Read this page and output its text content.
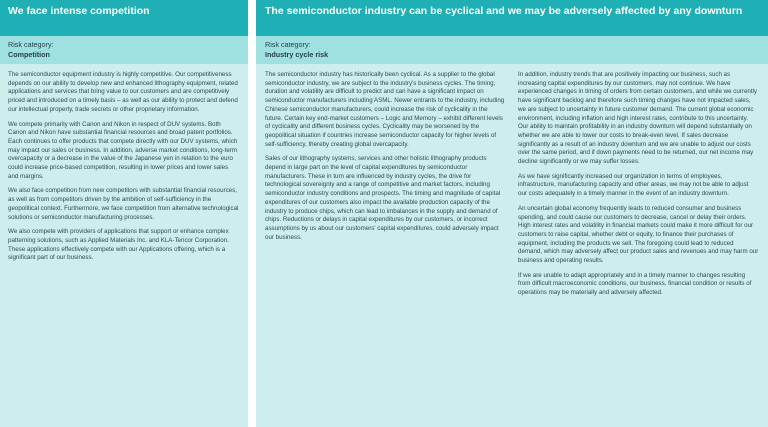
We face intense competition
Risk category:
Competition

The semiconductor equipment industry is highly competitive. Our competitiveness depends on our ability to develop new and enhanced lithography equipment, related applications and services that bring value to our customers and are competitively priced and introduced on a timely basis – as well as our ability to protect and defend our intellectual property, trade secrets or other proprietary information.

We compete primarily with Canon and Nikon in respect of DUV systems. Both Canon and Nikon have substantial financial resources and broad patent portfolios. Each continues to offer products that compete directly with our DUV systems, which may impact our sales or business. In addition, adverse market conditions, long-term overcapacity or a decrease in the value of the Japanese yen in relation to the euro could increase price-based competition, resulting in lower prices and lower sales and margins.

We also face competition from new competitors with substantial financial resources, as well as from competitors driven by the ambition of self-sufficiency in the geopolitical context. Furthermore, we face competition from alternative technological solutions or semiconductor manufacturing processes.

We also compete with providers of applications that support or enhance complex patterning solutions, such as Applied Materials Inc. and KLA-Tencor Corporation. These applications effectively compete with our Applications offering, which is a significant part of our business.

The semiconductor industry can be cyclical and we may be adversely affected by any downturn
Risk category:
Industry cycle risk

The semiconductor industry has historically been cyclical. As a supplier to the global semiconductor industry, we are subject to the industry's business cycles. The timing, duration and volatility are difficult to predict and can have a significant impact on semiconductor manufacturers including ASML. Newer entrants to the industry, including Chinese semiconductor manufacturers, could increase the risk of cyclicality in the future. Certain key end-market customers – Logic and Memory – exhibit different levels of cyclicality and different business cycles. Cyclicality may be worsened by the geopolitical situation if countries increase semiconductor capacity for higher levels of self-sufficiency, thereby creating global overcapacity.

Sales of our lithography systems, services and other holistic lithography products depend in large part on the level of capital expenditures by semiconductor manufacturers. These in turn are influenced by industry cycles, the drive for technological sovereignty and a range of competitive and market factors, including semiconductor industry conditions and prospects. The timing and magnitude of capital expenditures of our customers also impact the available production capacity of the industry to produce chips, which can lead to imbalances in the supply and demand of chips. Reductions or delays in capital expenditures by our customers, or incorrect assumptions by us about our customers' capital expenditures, could adversely impact our business.

In addition, industry trends that are positively impacting our business, such as increasing capital expenditures by our customers, may not continue. We have experienced changes in timing of orders from certain customers, and while we currently have significant backlog and therefore such timing changes have not impacted sales, we are subject to uncertainty in future customer demand. The current global economic environment, including inflation and high interest rates, contribute to this uncertainty. Our ability to maintain profitability in an industry downturn will depend substantially on whether we are able to lower our costs to break-even level. If sales decrease significantly as a result of an industry downturn and we are unable to adjust our costs over the same period, and if down payments need to be returned, our net income may decline significantly or we may suffer losses.

As we have significantly increased our organization in terms of employees, infrastructure, manufacturing capacity and other areas, we may not be able to adjust our costs adequately in a timely manner in the event of an industry downturn.

An uncertain global economy frequently leads to reduced consumer and business spending, and could cause our customers to decrease, cancel or delay their orders. High interest rates and volatility in financial markets could make it more difficult for our customers to raise capital, whether debt or equity, to finance their purchases of equipment, including the products we sell. The foregoing could lead to reduced demand, which may adversely affect our product sales and revenues and may harm our business and operating results.

If we are unable to adapt appropriately and in a timely manner to changes resulting from difficult macroeconomic conditions, our business, financial condition or results of operations may be materially and adversely affected.
